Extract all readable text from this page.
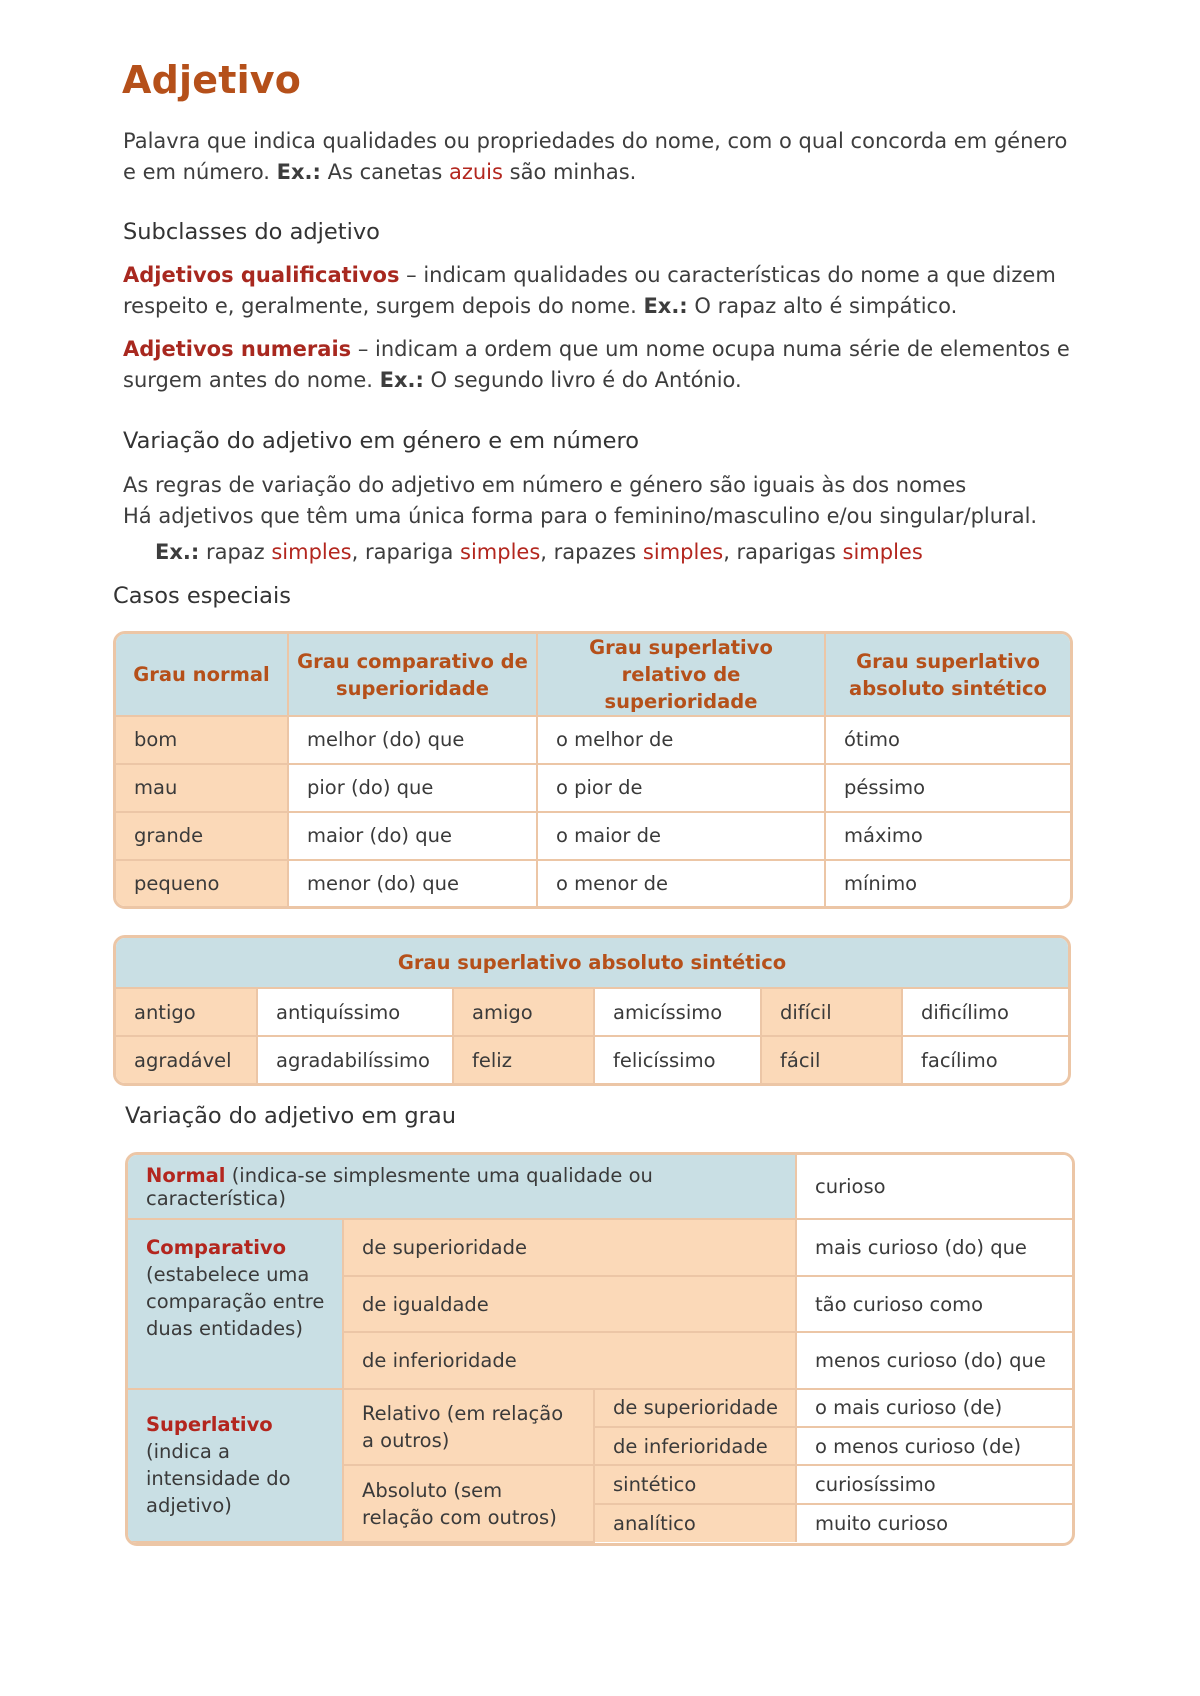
Adjetivo

Palavra que indica qualidades ou propriedades do nome, com o qual concorda em género e em número. Ex.: As canetas azuis são minhas.

Subclasses do adjetivo

Adjetivos qualificativos – indicam qualidades ou características do nome a que dizem respeito e, geralmente, surgem depois do nome. Ex.: O rapaz alto é simpático.

Adjetivos numerais – indicam a ordem que um nome ocupa numa série de elementos e surgem antes do nome. Ex.: O segundo livro é do António.

Variação do adjetivo em género e em número

As regras de variação do adjetivo em número e género são iguais às dos nomes

Há adjetivos que têm uma única forma para o feminino/masculino e/ou singular/plural.

Ex.: rapaz simples, rapariga simples, rapazes simples, raparigas simples

Casos especiais
Grau normal	Grau comparativo de superioridade	Grau superlativo relativo de superioridade	Grau superlativo absoluto sintético
bom	melhor (do) que	o melhor de	ótimo
mau	pior (do) que	o pior de	péssimo
grande	maior (do) que	o maior de	máximo
pequeno	menor (do) que	o menor de	mínimo
Grau superlativo absoluto sintético					
antigo	antiquíssimo	amigo	amicíssimo	difícil	dificílimo
agradável	agradabilíssimo	feliz	felicíssimo	fácil	facílimo
Variação do adjetivo em grau
Normal (indica-se simplesmente uma qualidade ou característica)			curioso

Comparativo
(estabelece uma comparação entre duas entidades)	de superioridade		mais curioso (do) que
	de igualdade		tão curioso como
	de inferioridade		menos curioso (do) que

Superlativo
(indica a intensidade do adjetivo)	Relativo (em relação a outros)	de superioridade	o mais curioso (de)
		de inferioridade	o menos curioso (de)
	Absoluto (sem relação com outros)	sintético	curiosíssimo
		analítico	muito curioso
